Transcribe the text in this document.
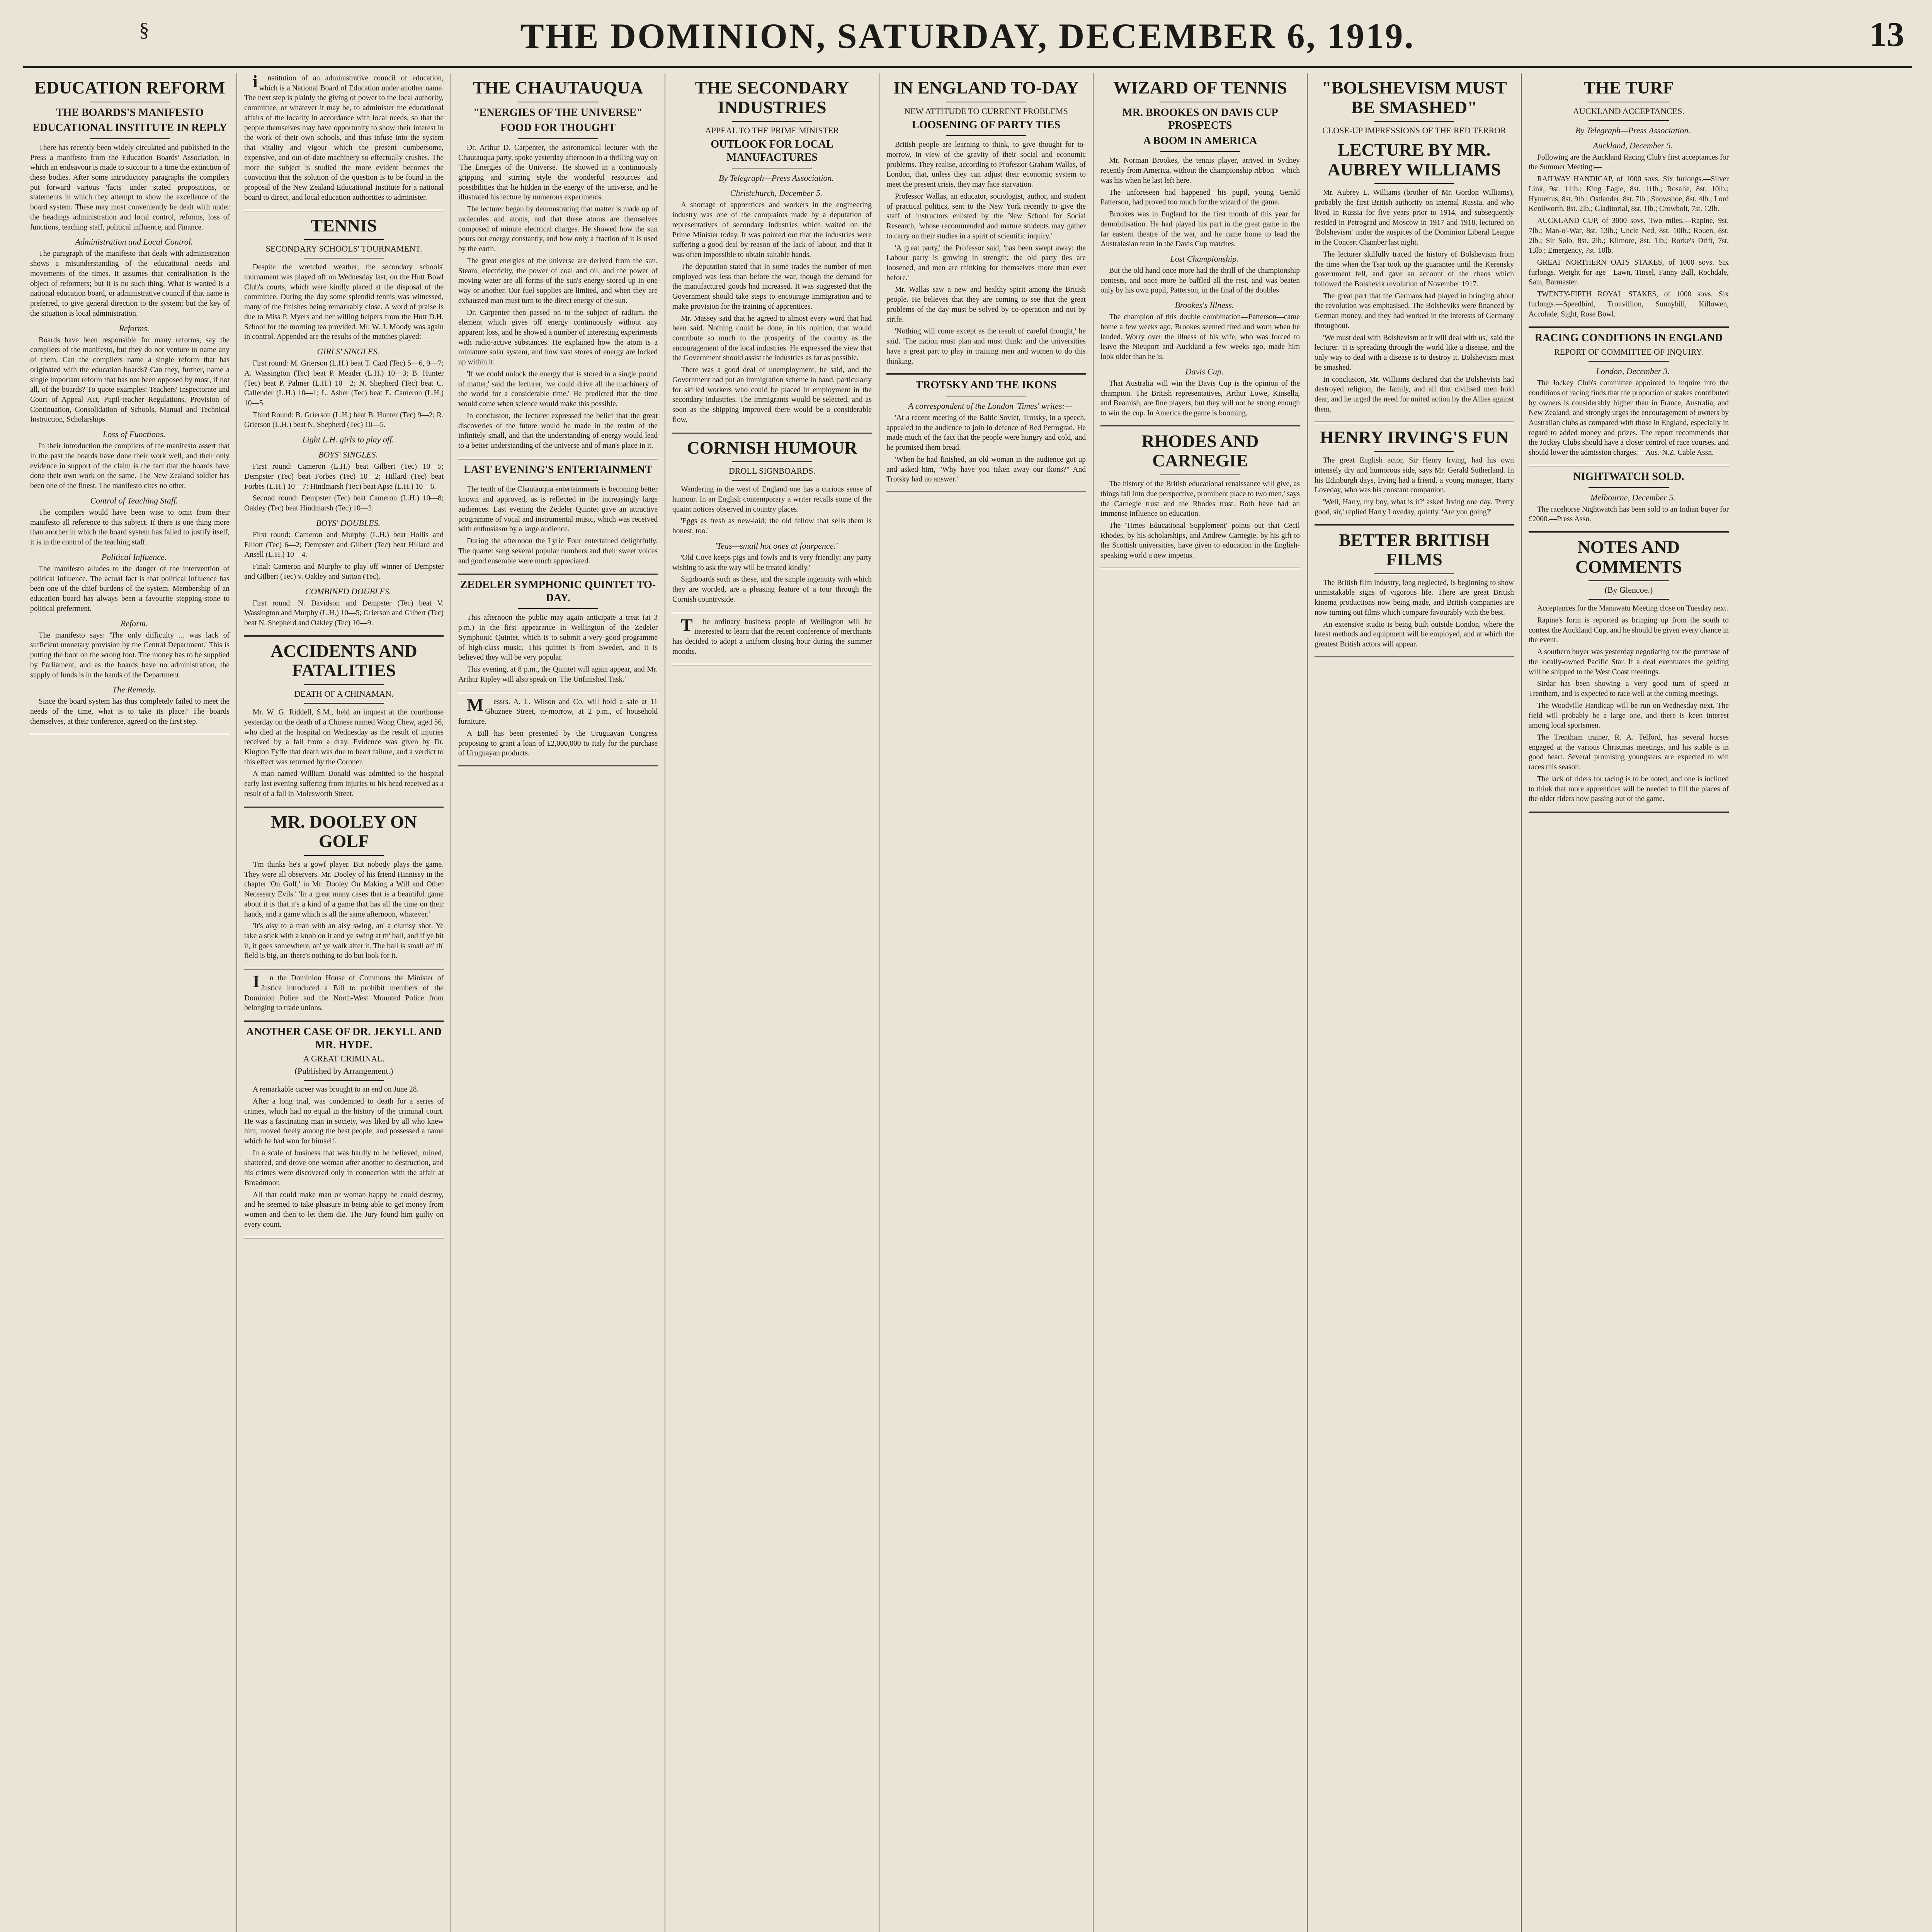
§	THE DOMINION, SATURDAY, DECEMBER 6, 1919.	13
EDUCATION REFORM
THE BOARDS'S MANIFESTO
EDUCATIONAL INSTITUTE IN REPLY

There has recently been widely circulated and published in the Press a manifesto from the Education Boards' Association, in which an endeavour is made to succour to a time the extinction of these bodies. After some introductory paragraphs the compilers put forward various 'facts' under stated propositions, or statements in which they attempt to show the excellence of the board system. These may most conveniently be dealt with under the headings administration and local control, reforms, loss of functions, teaching staff, political influence, and Finance.

Administration and Local Control.

The paragraph of the manifesto that deals with administration shows a misunderstanding of the educational needs and movements of the times. It assumes that centralisation is the object of reformers; but it is no such thing. What is wanted is a national education board, or administrative council if that name is preferred, to give general direction to the system; but the key of the situation is local administration.

Reforms.

Boards have been responsible for many reforms, say the compilers of the manifesto, but they do not venture to name any of them. Can the compilers name a single reform that has originated with the education boards? Can they, further, name a single important reform that has not been opposed by most, if not all, of the boards? To quote examples: Teachers' Inspectorate and Court of Appeal Act, Pupil-teacher Regulations, Provision of Continuation, Consolidation of Schools, Manual and Technical Instruction, Scholarships.

Loss of Functions.

In their introduction the compilers of the manifesto assert that in the past the boards have done their work well, and their only evidence in support of the claim is the fact that the boards have done their own work on the same. The New Zealand soldier has been one of the finest. The manifesto cites no other.

Control of Teaching Staff.

The compilers would have been wise to omit from their manifesto all reference to this subject. If there is one thing more than another in which the board system has failed to justify itself, it is in the control of the teaching staff.

Political Influence.

The manifesto alludes to the danger of the intervention of political influence. The actual fact is that political influence has been one of the chief burdens of the system. Membership of an education board has always been a favourite stepping-stone to political preferment.

Reform.

The manifesto says: 'The only difficulty ... was lack of sufficient monetary provision by the Central Department.' This is putting the boot on the wrong foot. The money has to be supplied by Parliament, and as the boards have no administration, the supply of funds is in the hands of the Department.

The Remedy.

Since the board system has thus completely failed to meet the needs of the time, what is to take its place? The boards themselves, at their conference, agreed on the first step.

institution of an administrative council of education, which is a National Board of Education under another name. The next step is plainly the giving of power to the local authority, committee, or whatever it may be, to administer the educational affairs of the locality in accordance with local needs, so that the people themselves may have opportunity to show their interest in the work of their own schools, and thus infuse into the system that vitality and vigour which the present cumbersome, expensive, and out-of-date machinery so effectually crushes. The more the subject is studied the more evident becomes the conviction that the solution of the question is to be found in the proposal of the New Zealand Educational Institute for a national board to direct, and local education authorities to administer.

TENNIS
SECONDARY SCHOOLS' TOURNAMENT.

Despite the wretched weather, the secondary schools' tournament was played off on Wednesday last, on the Hutt Bowl Club's courts, which were kindly placed at the disposal of the committee. During the day some splendid tennis was witnessed, many of the finishes being remarkably close. A word of praise is due to Miss P. Myers and her willing helpers from the Hutt D.H. School for the morning tea provided. Mr. W. J. Moody was again in control. Appended are the results of the matches played:—

GIRLS' SINGLES.

First round: M. Grierson (L.H.) beat T. Card (Tec) 5—6, 9—7; A. Wassington (Tec) beat P. Meader (L.H.) 10—3; B. Hunter (Tec) beat P. Palmer (L.H.) 10—2; N. Shepherd (Tec) beat C. Callender (L.H.) 10—1; L. Asher (Tec) beat E. Cameron (L.H.) 10—5.

Third Round: B. Grierson (L.H.) beat B. Hunter (Tec) 9—2; R. Grierson (L.H.) beat N. Shepherd (Tec) 10—5.

Light L.H. girls to play off.

BOYS' SINGLES.

First round: Cameron (L.H.) beat Gilbert (Tec) 10—5; Dempster (Tec) beat Forbes (Tec) 10—2; Hillard (Tec) beat Forbes (L.H.) 10—7; Hindmarsh (Tec) beat Apse (L.H.) 10—6.

Second round: Dempster (Tec) beat Cameron (L.H.) 10—8; Oakley (Tec) beat Hindmarsh (Tec) 10—2.

BOYS' DOUBLES.

First round: Cameron and Murphy (L.H.) beat Hollis and Elliott (Tec) 6—2; Dempster and Gilbert (Tec) beat Hillard and Ansell (L.H.) 10—4.

Final: Cameron and Murphy to play off winner of Dempster and Gilbert (Tec) v. Oakley and Sutton (Tec).

COMBINED DOUBLES.

First round: N. Davidson and Dempster (Tec) beat V. Wassington and Murphy (L.H.) 10—5; Grierson and Gilbert (Tec) beat N. Shepherd and Oakley (Tec) 10—9.

ACCIDENTS AND FATALITIES
DEATH OF A CHINAMAN.

Mr. W. G. Riddell, S.M., held an inquest at the courthouse yesterday on the death of a Chinese named Wong Chew, aged 56, who died at the hospital on Wednesday as the result of injuries received by a fall from a dray. Evidence was given by Dr. Kington Fyffe that death was due to heart failure, and a verdict to this effect was returned by the Coroner.

A man named William Donald was admitted to the hospital early last evening suffering from injuries to his head received as a result of a fall in Molesworth Street.

MR. DOOLEY ON GOLF

'I'm thinks he's a gowf player. But nobody plays the game. They were all observers. Mr. Dooley of his friend Hinnissy in the chapter 'On Golf,' in Mr. Dooley On Making a Will and Other Necessary Evils.' 'In a great many cases that is a beautiful game about it is that it's a kind of a game that has all the time on their hands, and a game which is all the same afternoon, whatever.'

'It's aisy to a man with an aisy swing, an' a clumsy shot. Ye take a stick with a knob on it and ye swing at th' ball, and if ye hit it, it goes somewhere, an' ye walk after it. The ball is small an' th' field is big, an' there's nothing to do but look for it.'

In the Dominion House of Commons the Minister of Justice introduced a Bill to prohibit members of the Dominion Police and the North-West Mounted Police from belonging to trade unions.

ANOTHER CASE OF DR. JEKYLL AND MR. HYDE.
A GREAT CRIMINAL.
(Published by Arrangement.)

A remarkable career was brought to an end on June 28.

After a long trial, was condemned to death for a series of crimes, which had no equal in the history of the criminal court. He was a fascinating man in society, was liked by all who knew him, moved freely among the best people, and possessed a name which he had won for himself.

In a scale of business that was hardly to be believed, ruined, shattered, and drove one woman after another to destruction, and his crimes were discovered only in connection with the affair at Broadmoor.

All that could make man or woman happy he could destroy, and he seemed to take pleasure in being able to get money from women and then to let them die. The Jury found him guilty on every count.

THE CHAUTAUQUA
"ENERGIES OF THE UNIVERSE"
FOOD FOR THOUGHT

Dr. Arthur D. Carpenter, the astronomical lecturer with the Chautauqua party, spoke yesterday afternoon in a thrilling way on 'The Energies of the Universe.' He showed in a continuously gripping and stirring style the wonderful resources and possibilities that lie hidden in the energy of the universe, and he illustrated his lecture by numerous experiments.

The lecturer began by demonstrating that matter is made up of molecules and atoms, and that these atoms are themselves composed of minute electrical charges. He showed how the sun pours out energy constantly, and how only a fraction of it is used by the earth.

The great energies of the universe are derived from the sun. Steam, electricity, the power of coal and oil, and the power of moving water are all forms of the sun's energy stored up in one way or another. Our fuel supplies are limited, and when they are exhausted man must turn to the direct energy of the sun.

Dr. Carpenter then passed on to the subject of radium, the element which gives off energy continuously without any apparent loss, and he showed a number of interesting experiments with radio-active substances. He explained how the atom is a miniature solar system, and how vast stores of energy are locked up within it.

'If we could unlock the energy that is stored in a single pound of matter,' said the lecturer, 'we could drive all the machinery of the world for a considerable time.' He predicted that the time would come when science would make this possible.

In conclusion, the lecturer expressed the belief that the great discoveries of the future would be made in the realm of the infinitely small, and that the understanding of energy would lead to a better understanding of the universe and of man's place in it.

LAST EVENING'S ENTERTAINMENT

The tenth of the Chautauqua entertainments is becoming better known and approved, as is reflected in the increasingly large audiences. Last evening the Zedeler Quintet gave an attractive programme of vocal and instrumental music, which was received with enthusiasm by a large audience.

During the afternoon the Lyric Four entertained delightfully. The quartet sang several popular numbers and their sweet voices and good ensemble were much appreciated.

ZEDELER SYMPHONIC QUINTET TO-DAY.

This afternoon the public may again anticipate a treat (at 3 p.m.) in the first appearance in Wellington of the Zedeler Symphonic Quintet, which is to submit a very good programme of high-class music. This quintet is from Sweden, and it is believed they will be very popular.

This evening, at 8 p.m., the Quintet will again appear, and Mr. Arthur Ripley will also speak on 'The Unfinished Task.'

Messrs. A. L. Wilson and Co. will hold a sale at 11 Ghuznee Street, to-morrow, at 2 p.m., of household furniture.

A Bill has been presented by the Uruguayan Congress proposing to grant a loan of £2,000,000 to Italy for the purchase of Uruguayan products.

THE SECONDARY INDUSTRIES
APPEAL TO THE PRIME MINISTER
OUTLOOK FOR LOCAL MANUFACTURES

By Telegraph—Press Association.

Christchurch, December 5.

A shortage of apprentices and workers in the engineering industry was one of the complaints made by a deputation of representatives of secondary industries which waited on the Prime Minister today. It was pointed out that the industries were suffering a good deal by reason of the lack of labour, and that it was often impossible to obtain suitable hands.

The deputation stated that in some trades the number of men employed was less than before the war, though the demand for the manufactured goods had increased. It was suggested that the Government should take steps to encourage immigration and to make provision for the training of apprentices.

Mr. Massey said that he agreed to almost every word that had been said. Nothing could be done, in his opinion, that would contribute so much to the prosperity of the country as the encouragement of the local industries. He expressed the view that the Government should assist the industries as far as possible.

There was a good deal of unemployment, he said, and the Government had put an immigration scheme in hand, particularly for skilled workers who could be placed in employment in the secondary industries. The immigrants would be selected, and as soon as the shipping improved there would be a considerable flow.

CORNISH HUMOUR
DROLL SIGNBOARDS.

Wandering in the west of England one has a curious sense of humour. In an English contemporary a writer recalls some of the quaint notices observed in country places.

'Eggs as fresh as new-laid; the old fellow that sells them is honest, too.'

'Teas—small hot ones at fourpence.'

'Old Cove keeps pigs and fowls and is very friendly; any party wishing to ask the way will be treated kindly.'

Signboards such as these, and the simple ingenuity with which they are worded, are a pleasing feature of a tour through the Cornish countryside.

The ordinary business people of Wellington will be interested to learn that the recent conference of merchants has decided to adopt a uniform closing hour during the summer months.

IN ENGLAND TO-DAY
NEW ATTITUDE TO CURRENT PROBLEMS
LOOSENING OF PARTY TIES

British people are learning to think, to give thought for to-morrow, in view of the gravity of their social and economic problems. They realise, according to Professor Graham Wallas, of London, that, unless they can adjust their economic system to meet the present crisis, they may face starvation.

Professor Wallas, an educator, sociologist, author, and student of practical politics, sent to the New York recently to give the staff of instructors enlisted by the New School for Social Research, 'whose recommended and mature students may gather to carry on their studies in a spirit of scientific inquiry.'

'A great party,' the Professor said, 'has been swept away; the Labour party is growing in strength; the old party ties are loosened, and men are thinking for themselves more than ever before.'

Mr. Wallas saw a new and healthy spirit among the British people. He believes that they are coming to see that the great problems of the day must be solved by co-operation and not by strife.

'Nothing will come except as the result of careful thought,' he said. 'The nation must plan and must think; and the universities have a great part to play in training men and women to do this thinking.'

TROTSKY AND THE IKONS

A correspondent of the London 'Times' writes:—

'At a recent meeting of the Baltic Soviet, Trotsky, in a speech, appealed to the audience to join in defence of Red Petrograd. He made much of the fact that the people were hungry and cold, and he promised them bread.

'When he had finished, an old woman in the audience got up and asked him, "Why have you taken away our ikons?" And Trotsky had no answer.'

WIZARD OF TENNIS
MR. BROOKES ON DAVIS CUP PROSPECTS
A BOOM IN AMERICA

Mr. Norman Brookes, the tennis player, arrived in Sydney recently from America, without the championship ribbon—which was his when he last left here.

The unforeseen had happened—his pupil, young Gerald Patterson, had proved too much for the wizard of the game.

Brookes was in England for the first month of this year for demobilisation. He had played his part in the great game in the far eastern theatre of the war, and he came home to lead the Australasian team in the Davis Cup matches.

Lost Championship.

But the old hand once more had the thrill of the championship contests, and once more he baffled all the rest, and was beaten only by his own pupil, Patterson, in the final of the doubles.

Brookes's Illness.

The champion of this double combination—Patterson—came home a few weeks ago, Brookes seemed tired and worn when he landed. Worry over the illness of his wife, who was forced to leave the Nieuport and Auckland a few weeks ago, made him look older than he is.

Davis Cup.

That Australia will win the Davis Cup is the opinion of the champion. The British representatives, Arthur Lowe, Kinsella, and Beamish, are fine players, but they will not be strong enough to win the cup. In America the game is booming.

RHODES AND CARNEGIE

The history of the British educational renaissance will give, as things fall into due perspective, prominent place to two men,' says the Carnegie trust and the Rhodes trust. Both have had an immense influence on education.

The 'Times Educational Supplement' points out that Cecil Rhodes, by his scholarships, and Andrew Carnegie, by his gift to the Scottish universities, have given to education in the English-speaking world a new impetus.

"BOLSHEVISM MUST BE SMASHED"
CLOSE-UP IMPRESSIONS OF THE RED TERROR
LECTURE BY MR. AUBREY WILLIAMS

Mr. Aubrey L. Williams (brother of Mr. Gordon Williams), probably the first British authority on internal Russia, and who lived in Russia for five years prior to 1914, and subsequently resided in Petrograd and Moscow in 1917 and 1918, lectured on 'Bolshevism' under the auspices of the Dominion Liberal League in the Concert Chamber last night.

The lecturer skilfully traced the history of Bolshevism from the time when the Tsar took up the guarantee until the Kerensky government fell, and gave an account of the chaos which followed the Bolshevik revolution of November 1917.

The great part that the Germans had played in bringing about the revolution was emphasised. The Bolsheviks were financed by German money, and they had worked in the interests of Germany throughout.

'We must deal with Bolshevism or it will deal with us,' said the lecturer. 'It is spreading through the world like a disease, and the only way to deal with a disease is to destroy it. Bolshevism must be smashed.'

In conclusion, Mr. Williams declared that the Bolshevists had destroyed religion, the family, and all that civilised men hold dear, and he urged the need for united action by the Allies against them.

HENRY IRVING'S FUN

The great English actor, Sir Henry Irving, had his own intensely dry and humorous side, says Mr. Gerald Sutherland. In his Edinburgh days, Irving had a friend, a young manager, Harry Loveday, who was his constant companion.

'Well, Harry, my boy, what is it?' asked Irving one day. 'Pretty good, sir,' replied Harry Loveday, quietly. 'Are you going?'

BETTER BRITISH FILMS

The British film industry, long neglected, is beginning to show unmistakable signs of vigorous life. There are great British kinema productions now being made, and British companies are now turning out films which compare favourably with the best.

An extensive studio is being built outside London, where the latest methods and equipment will be employed, and at which the greatest British actors will appear.

THE TURF
AUCKLAND ACCEPTANCES.

By Telegraph—Press Association.

Auckland, December 5.

Following are the Auckland Racing Club's first acceptances for the Summer Meeting:—

RAILWAY HANDICAP, of 1000 sovs. Six furlongs.—Silver Link, 9st. 11lb.; King Eagle, 8st. 11lb.; Rosalie, 8st. 10lb.; Hymettus, 8st. 9lb.; Ostlander, 8st. 7lb.; Snowshoe, 8st. 4lb.; Lord Kenilworth, 8st. 2lb.; Gladitorial, 8st. 1lb.; Crowbolt, 7st. 12lb.

AUCKLAND CUP, of 3000 sovs. Two miles.—Rapine, 9st. 7lb.; Man-o'-War, 8st. 13lb.; Uncle Ned, 8st. 10lb.; Rouen, 8st. 2lb.; Sir Solo, 8st. 2lb.; Kilmore, 8st. 1lb.; Rorke's Drift, 7st. 13lb.; Emergency, 7st. 10lb.

GREAT NORTHERN OATS STAKES, of 1000 sovs. Six furlongs. Weight for age—Lawn, Tinsel, Fanny Ball, Rochdale, Sam, Barmaster.

TWENTY-FIFTH ROYAL STAKES, of 1000 sovs. Six furlongs.—Speedbird, Trouvillion, Sunnyhill, Killowen, Accolade, Sight, Rose Bowl.

RACING CONDITIONS IN ENGLAND
REPORT OF COMMITTEE OF INQUIRY.

London, December 3.

The Jockey Club's committee appointed to inquire into the conditions of racing finds that the proportion of stakes contributed by owners is considerably higher than in France, Australia, and New Zealand, and strongly urges the encouragement of owners by Australian clubs as compared with those in England, especially in regard to added money and prizes. The report recommends that the Jockey Clubs should have a closer control of race courses, and should lower the admission charges.—Aus.-N.Z. Cable Assn.

NIGHTWATCH SOLD.

Melbourne, December 5.

The racehorse Nightwatch has been sold to an Indian buyer for £2000.—Press Assn.

NOTES AND COMMENTS
(By Glencoe.)

Acceptances for the Manawatu Meeting close on Tuesday next.

Rapine's form is reported as bringing up from the south to contest the Auckland Cup, and he should be given every chance in the event.

A southern buyer was yesterday negotiating for the purchase of the locally-owned Pacific Star. If a deal eventuates the gelding will be shipped to the West Coast meetings.

Sirdar has been showing a very good turn of speed at Trentham, and is expected to race well at the coming meetings.

The Woodville Handicap will be run on Wednesday next. The field will probably be a large one, and there is keen interest among local sportsmen.

The Trentham trainer, R. A. Telford, has several horses engaged at the various Christmas meetings, and his stable is in good heart. Several promising youngsters are expected to win races this season.

The lack of riders for racing is to be noted, and one is inclined to think that more apprentices will be needed to fill the places of the older riders now passing out of the game.
